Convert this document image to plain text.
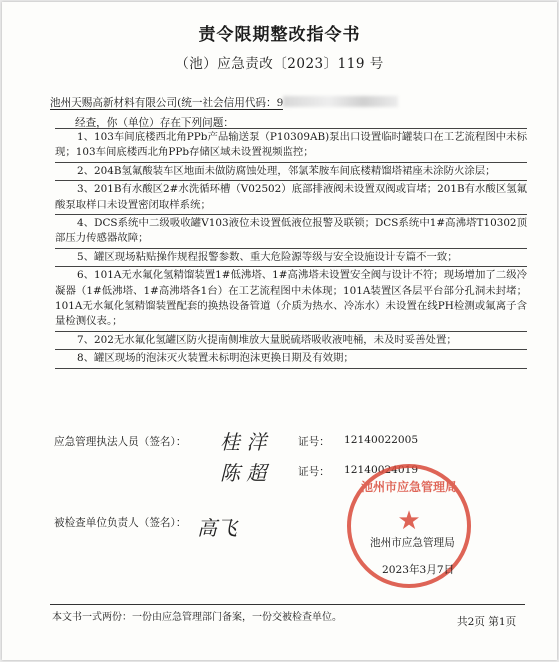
责令限期整改指令书
（池）应急责改〔2023〕119 号
池州天赐高新材料有限公司(统一社会信用代码：9
经查，你（单位）存在下列问题：
1、103车间底楼西北角PPb产品输送泵（P10309AB)泵出口设置临时罐装口在工艺流程图中未标现；103车间底楼西北角PPb存储区域未设置视频监控；
2、204B氢氟酸装车区地面未做防腐蚀处理，邻氯苯胺车间底楼精馏塔裙座未涂防火涂层；
3、201B有水酸区2#水洗循环槽（V02502）底部排液阀未设置双阀或盲堵；201B有水酸区氢氟酸泵取样口未设置密闭取样系统；
4、DCS系统中二级吸收罐V103液位未设置低液位报警及联锁；DCS系统中1#高沸塔T10302顶部压力传感器故障；
5、罐区现场粘贴操作规程报警参数、重大危险源等级与安全设施设计专篇不一致；
6、101A无水氟化氢精馏装置1#低沸塔、1#高沸塔未设置安全阀与设计不符；现场增加了二级冷凝器（1#低沸塔、1#高沸塔各1台）在工艺流程图中未体现；101A装置区各层平台部分孔洞未封堵；101A无水氟化氢精馏装置配套的换热设备管道（介质为热水、冷冻水）未设置在线PH检测或氟离子含量检测仪表。；
7、202无水氟化氢罐区防火提南侧堆放大量脱硫塔吸收液吨桶，未及时妥善处置；
8、罐区现场的泡沫灭火装置未标明泡沫更换日期及有效期；
应急管理执法人员（签名）： 桂 洋	证号： 12140022005
陈 超	证号： 12140024019
被检查单位负责人（签名）： 高飞
池州市应急管理局
★
池州市应急管理局
2023年3月7日
本文书一式两份：一份由应急管理部门备案，一份交被检查单位。	共2页 第1页
